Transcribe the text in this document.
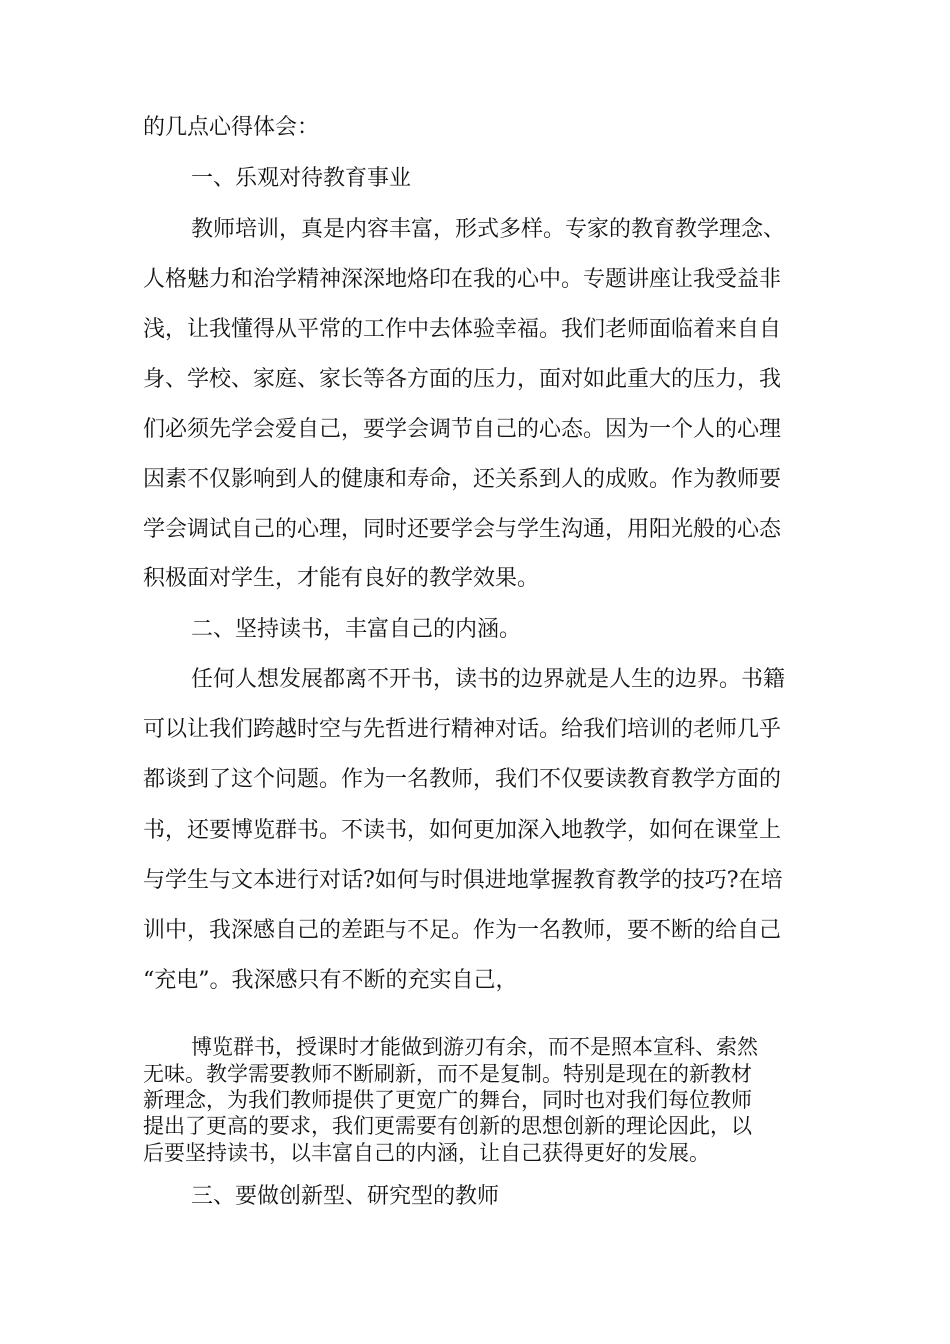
的几点心得体会：
一、乐观对待教育事业
教师培训，真是内容丰富，形式多样。专家的教育教学理念、
人格魅力和治学精神深深地烙印在我的心中。专题讲座让我受益非
浅，让我懂得从平常的工作中去体验幸福。我们老师面临着来自自
身、学校、家庭、家长等各方面的压力，面对如此重大的压力，我
们必须先学会爱自己，要学会调节自己的心态。因为一个人的心理
因素不仅影响到人的健康和寿命，还关系到人的成败。作为教师要
学会调试自己的心理，同时还要学会与学生沟通，用阳光般的心态
积极面对学生，才能有良好的教学效果。
二、坚持读书，丰富自己的内涵。
任何人想发展都离不开书，读书的边界就是人生的边界。书籍
可以让我们跨越时空与先哲进行精神对话。给我们培训的老师几乎
都谈到了这个问题。作为一名教师，我们不仅要读教育教学方面的
书，还要博览群书。不读书，如何更加深入地教学，如何在课堂上
与学生与文本进行对话?如何与时俱进地掌握教育教学的技巧?在培
训中，我深感自己的差距与不足。作为一名教师，要不断的给自己
“充电”。我深感只有不断的充实自己，
博览群书，授课时才能做到游刃有余，而不是照本宣科、索然
无味。教学需要教师不断刷新，而不是复制。特别是现在的新教材
新理念，为我们教师提供了更宽广的舞台，同时也对我们每位教师
提出了更高的要求，我们更需要有创新的思想创新的理论因此，以
后要坚持读书，以丰富自己的内涵，让自己获得更好的发展。
三、要做创新型、研究型的教师
